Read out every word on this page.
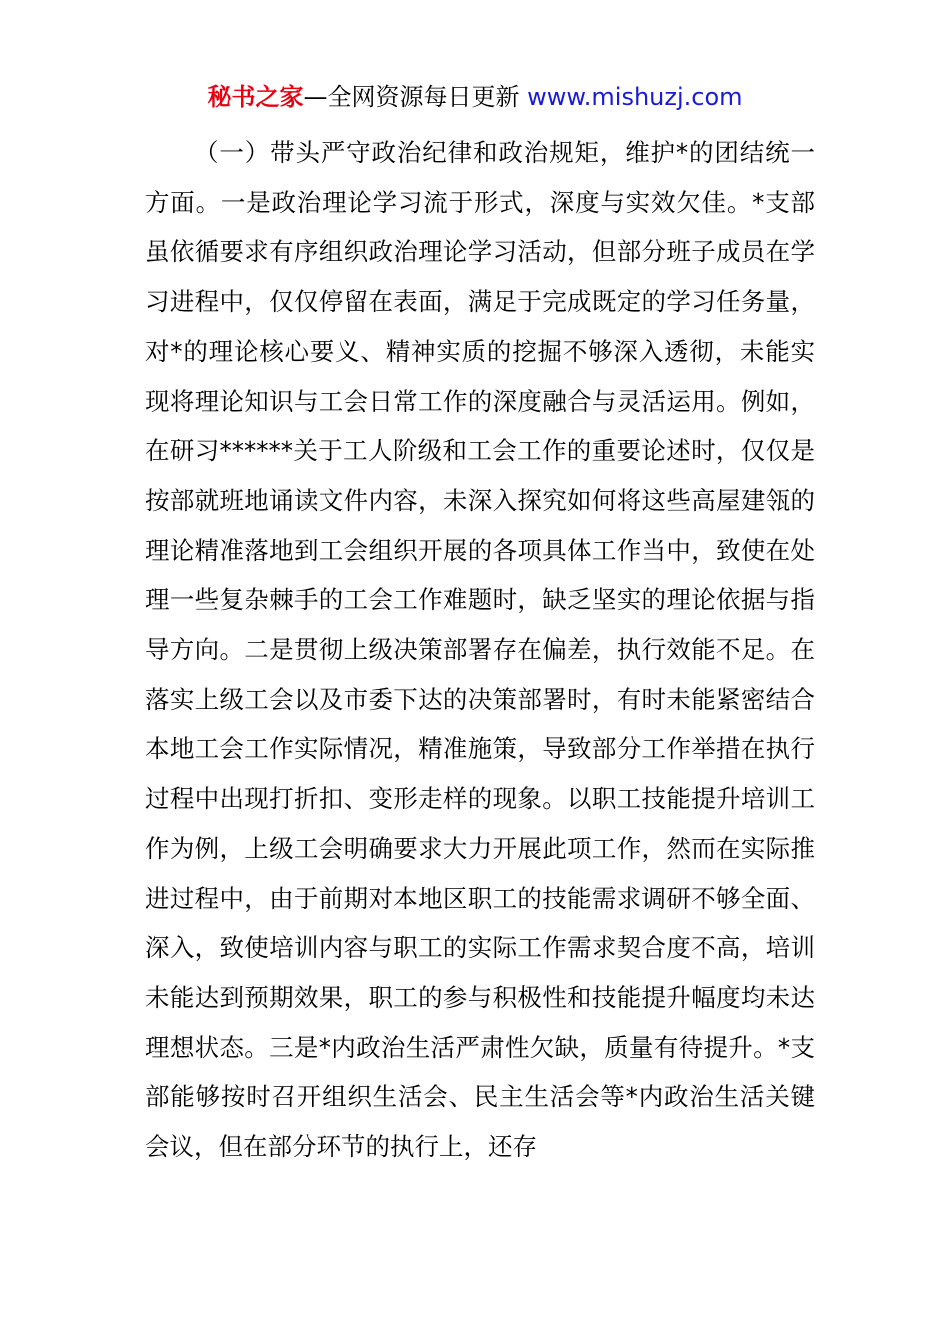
秘书之家—全网资源每日更新 www.mishuzj.com

（一）带头严守政治纪律和政治规矩，维护*的团结统一方面。一是政治理论学习流于形式，深度与实效欠佳。*支部虽依循要求有序组织政治理论学习活动，但部分班子成员在学习进程中，仅仅停留在表面，满足于完成既定的学习任务量，对*的理论核心要义、精神实质的挖掘不够深入透彻，未能实现将理论知识与工会日常工作的深度融合与灵活运用。例如，在研习******关于工人阶级和工会工作的重要论述时，仅仅是按部就班地诵读文件内容，未深入探究如何将这些高屋建瓴的理论精准落地到工会组织开展的各项具体工作当中，致使在处理一些复杂棘手的工会工作难题时，缺乏坚实的理论依据与指导方向。二是贯彻上级决策部署存在偏差，执行效能不足。在落实上级工会以及市委下达的决策部署时，有时未能紧密结合本地工会工作实际情况，精准施策，导致部分工作举措在执行过程中出现打折扣、变形走样的现象。以职工技能提升培训工作为例，上级工会明确要求大力开展此项工作，然而在实际推进过程中，由于前期对本地区职工的技能需求调研不够全面、深入，致使培训内容与职工的实际工作需求契合度不高，培训未能达到预期效果，职工的参与积极性和技能提升幅度均未达理想状态。三是*内政治生活严肃性欠缺，质量有待提升。*支部能够按时召开组织生活会、民主生活会等*内政治生活关键会议，但在部分环节的执行上，还存
